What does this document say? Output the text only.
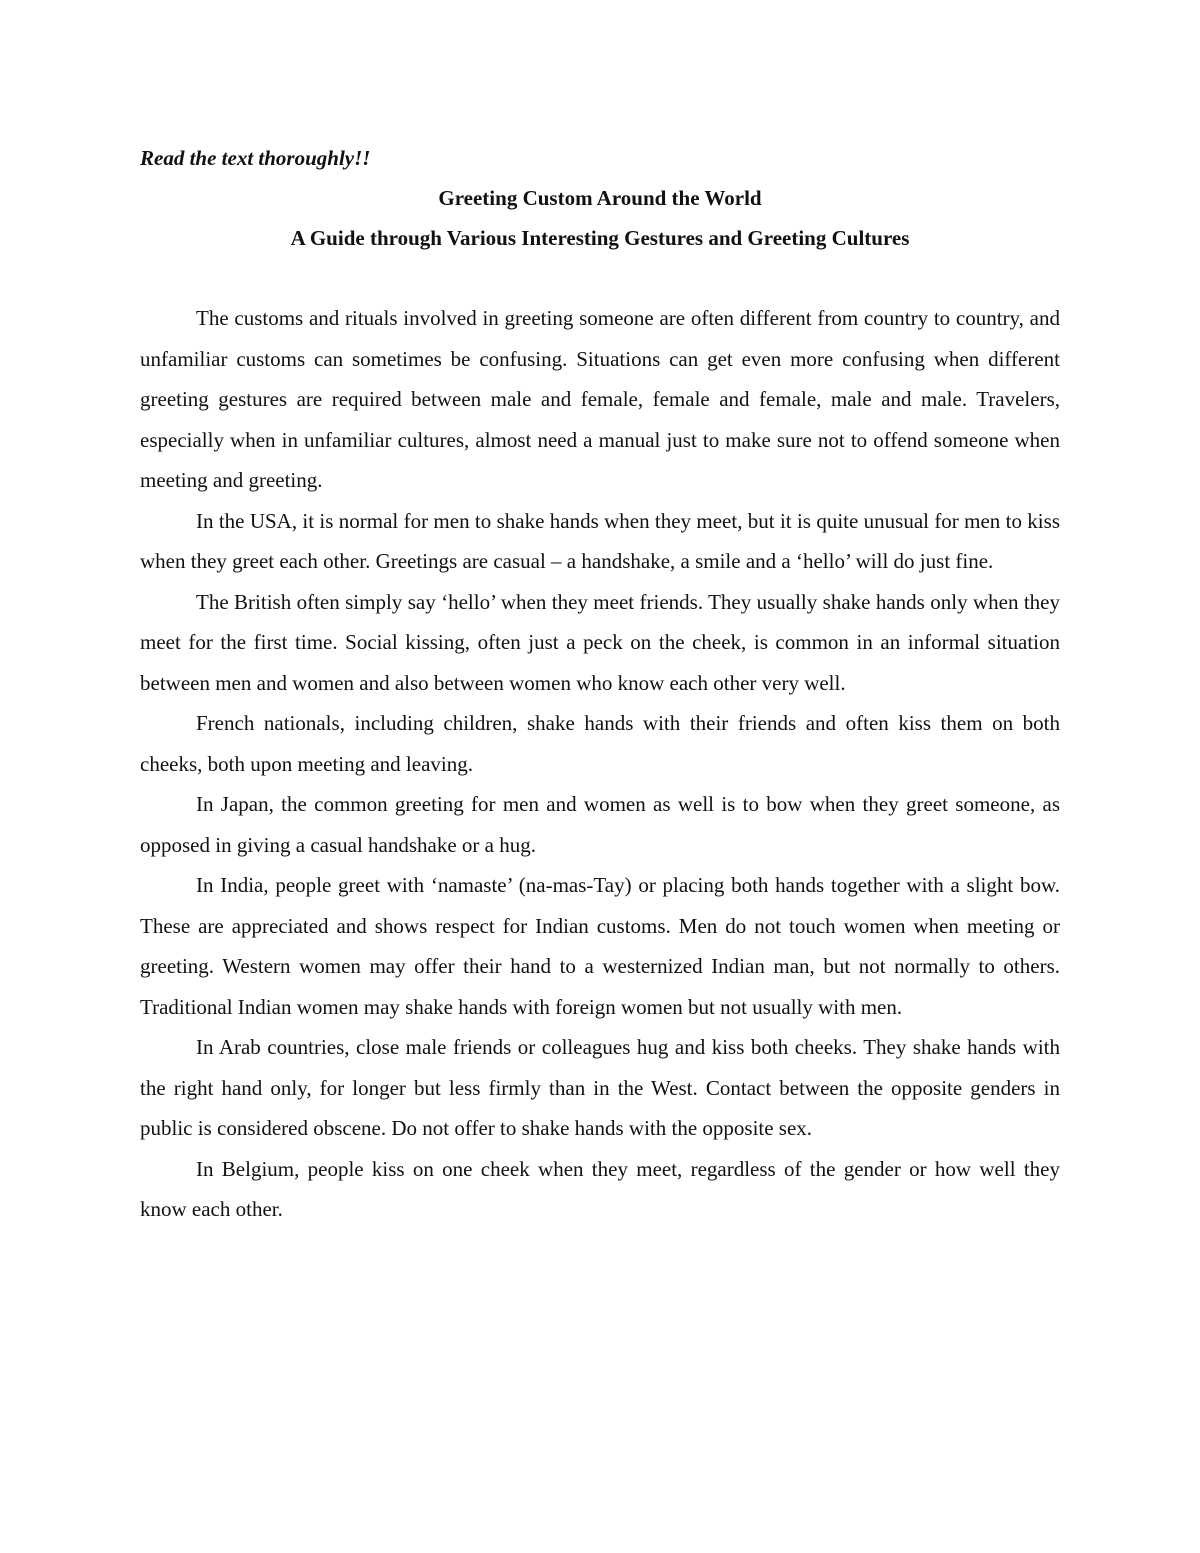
Read the text thoroughly!!

Greeting Custom Around the World

A Guide through Various Interesting Gestures and Greeting Cultures

The customs and rituals involved in greeting someone are often different from country to country, and unfamiliar customs can sometimes be confusing. Situations can get even more confusing when different greeting gestures are required between male and female, female and female, male and male. Travelers, especially when in unfamiliar cultures, almost need a manual just to make sure not to offend someone when meeting and greeting.

In the USA, it is normal for men to shake hands when they meet, but it is quite unusual for men to kiss when they greet each other. Greetings are casual – a handshake, a smile and a ‘hello’ will do just fine.

The British often simply say ‘hello’ when they meet friends. They usually shake hands only when they meet for the first time. Social kissing, often just a peck on the cheek, is common in an informal situation between men and women and also between women who know each other very well.

French nationals, including children, shake hands with their friends and often kiss them on both cheeks, both upon meeting and leaving.

In Japan, the common greeting for men and women as well is to bow when they greet someone, as opposed in giving a casual handshake or a hug.

In India, people greet with ‘namaste’ (na-mas-Tay) or placing both hands together with a slight bow. These are appreciated and shows respect for Indian customs. Men do not touch women when meeting or greeting. Western women may offer their hand to a westernized Indian man, but not normally to others. Traditional Indian women may shake hands with foreign women but not usually with men.

In Arab countries, close male friends or colleagues hug and kiss both cheeks. They shake hands with the right hand only, for longer but less firmly than in the West. Contact between the opposite genders in public is considered obscene. Do not offer to shake hands with the opposite sex.

In Belgium, people kiss on one cheek when they meet, regardless of the gender or how well they know each other.
